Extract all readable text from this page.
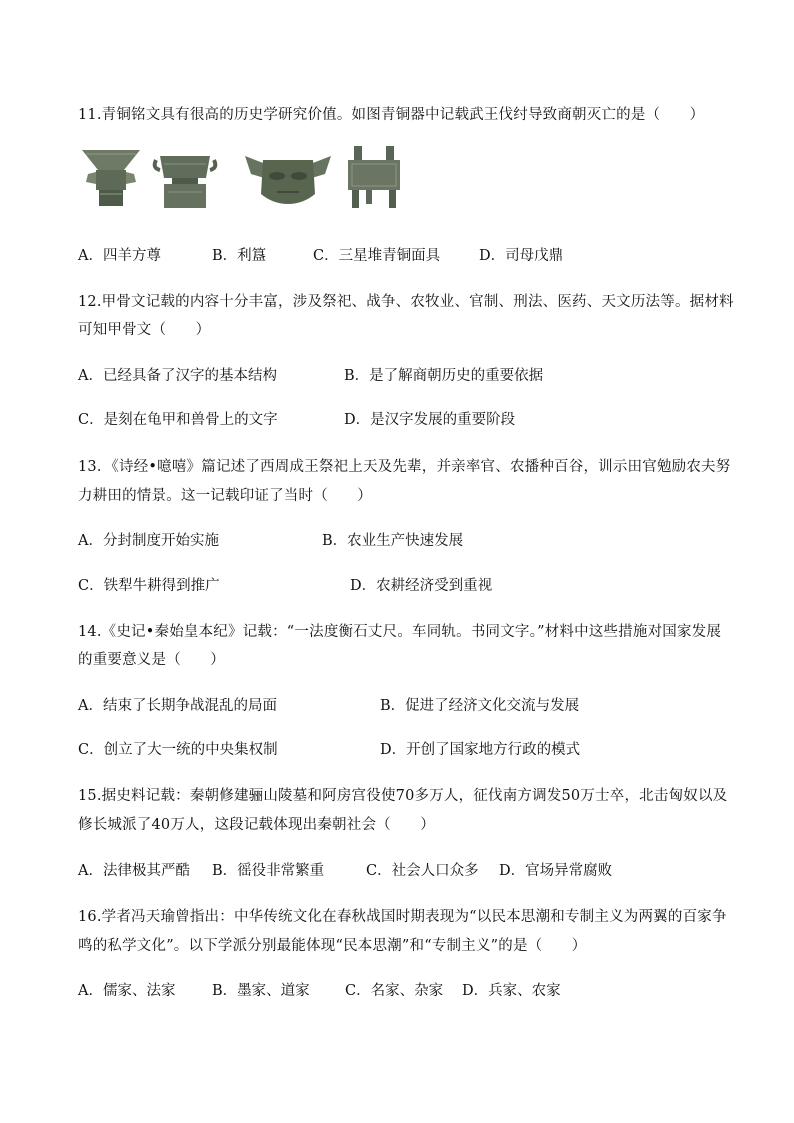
11.青铜铭文具有很高的历史学研究价值。如图青铜器中记载武王伐纣导致商朝灭亡的是（　　）
A．四羊方尊	B．利簋	C．三星堆青铜面具	D．司母戊鼎
12.甲骨文记载的内容十分丰富，涉及祭祀、战争、农牧业、官制、刑法、医药、天文历法等。据材料
可知甲骨文（　　）
A．已经具备了汉字的基本结构	B．是了解商朝历史的重要依据
C．是刻在龟甲和兽骨上的文字	D．是汉字发展的重要阶段
13．《诗经•噫嘻》篇记述了西周成王祭祀上天及先辈，并亲率官、农播种百谷，训示田官勉励农夫努
力耕田的情景。这一记载印证了当时（　　）
A．分封制度开始实施	B．农业生产快速发展
C．铁犁牛耕得到推广	D．农耕经济受到重视
14.《史记•秦始皇本纪》记载：“一法度衡石丈尺。车同轨。书同文字。”材料中这些措施对国家发展
的重要意义是（　　）
A．结束了长期争战混乱的局面	B．促进了经济文化交流与发展
C．创立了大一统的中央集权制	D．开创了国家地方行政的模式
15.据史料记载：秦朝修建骊山陵墓和阿房宫役使70多万人，征伐南方调发50万士卒，北击匈奴以及
修长城派了40万人，这段记载体现出秦朝社会（　　）
A．法律极其严酷 B．徭役非常繁重	C．社会人口众多 D．官场异常腐败
16.学者冯天瑜曾指出：中华传统文化在春秋战国时期表现为“以民本思潮和专制主义为两翼的百家争
鸣的私学文化”。以下学派分别最能体现“民本思潮”和“专制主义”的是（　　）
A．儒家、法家	B．墨家、道家 C．名家、杂家 D．兵家、农家
